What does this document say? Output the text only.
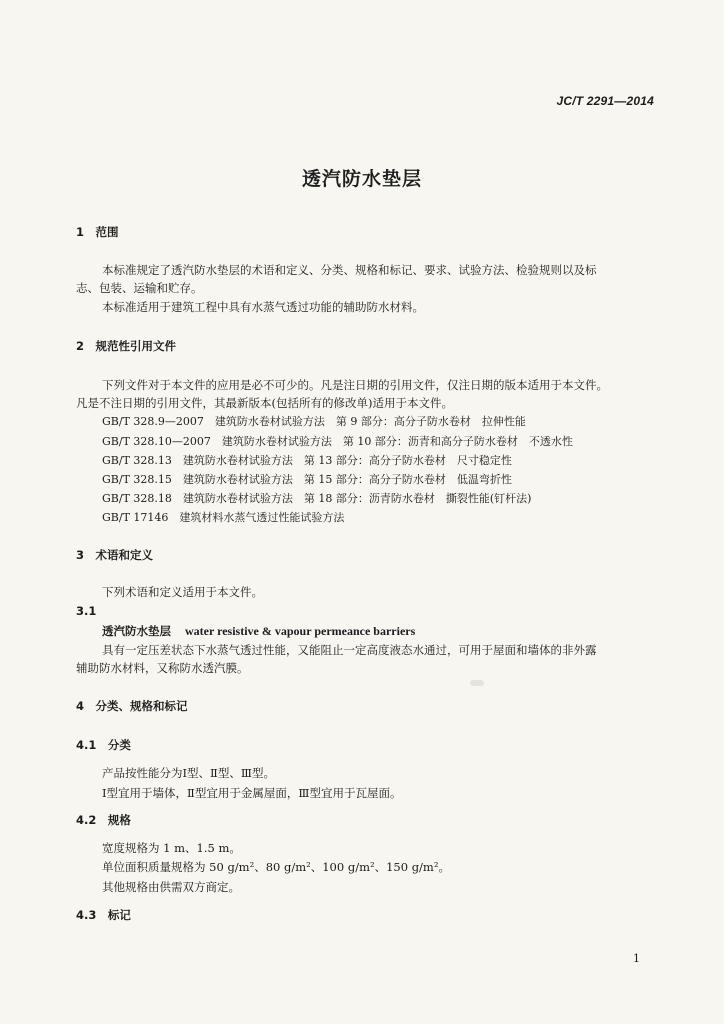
JC/T 2291—2014
透汽防水垫层
1　范围
本标准规定了透汽防水垫层的术语和定义、分类、规格和标记、要求、试验方法、检验规则以及标
志、包装、运输和贮存。
本标准适用于建筑工程中具有水蒸气透过功能的辅助防水材料。
2　规范性引用文件
下列文件对于本文件的应用是必不可少的。凡是注日期的引用文件，仅注日期的版本适用于本文件。
凡是不注日期的引用文件，其最新版本(包括所有的修改单)适用于本文件。
GB/T 328.9—2007　建筑防水卷材试验方法　第 9 部分：高分子防水卷材　拉伸性能
GB/T 328.10—2007　建筑防水卷材试验方法　第 10 部分：沥青和高分子防水卷材　不透水性
GB/T 328.13　建筑防水卷材试验方法　第 13 部分：高分子防水卷材　尺寸稳定性
GB/T 328.15　建筑防水卷材试验方法　第 15 部分：高分子防水卷材　低温弯折性
GB/T 328.18　建筑防水卷材试验方法　第 18 部分：沥青防水卷材　撕裂性能(钉杆法)
GB/T 17146　建筑材料水蒸气透过性能试验方法
3　术语和定义
下列术语和定义适用于本文件。
3.1
透汽防水垫层 water resistive & vapour permeance barriers
具有一定压差状态下水蒸气透过性能，又能阻止一定高度液态水通过，可用于屋面和墙体的非外露
辅助防水材料，又称防水透汽膜。
4　分类、规格和标记
4.1　分类
产品按性能分为Ⅰ型、Ⅱ型、Ⅲ型。
Ⅰ型宜用于墙体，Ⅱ型宜用于金属屋面，Ⅲ型宜用于瓦屋面。
4.2　规格
宽度规格为 1 m、1.5 m。
单位面积质量规格为 50 g/m²、80 g/m²、100 g/m²、150 g/m²。
其他规格由供需双方商定。
4.3　标记
1
